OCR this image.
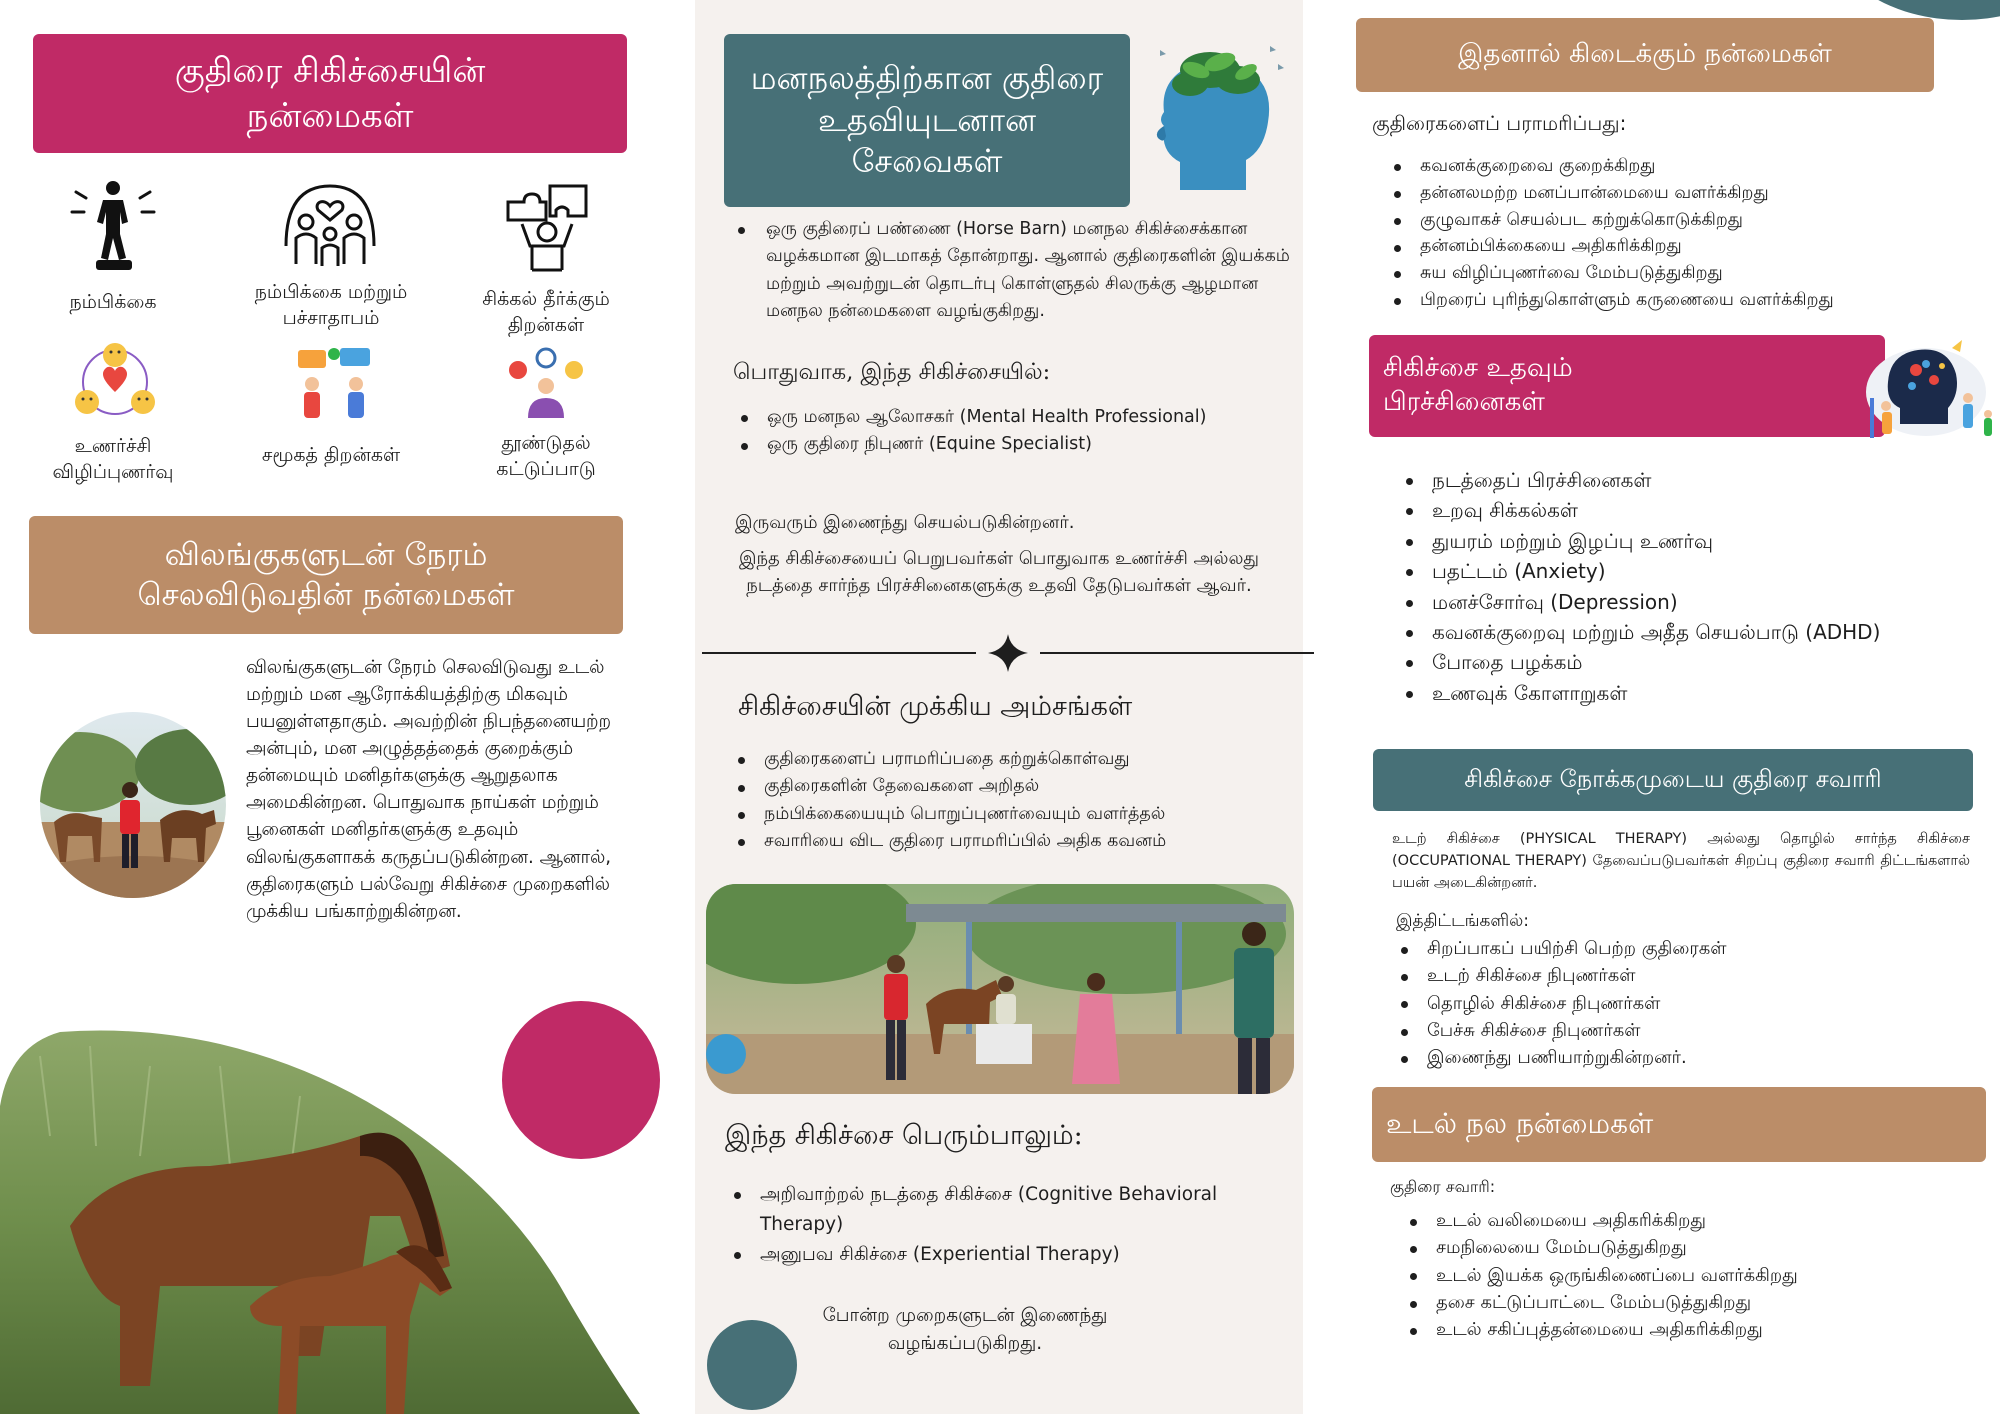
குதிரை சிகிச்சையின் நன்மைகள்
நம்பிக்கை	நம்பிக்கை மற்றும் பச்சாதாபம்
சிக்கல் தீர்க்கும் திறன்கள்
உணர்ச்சி விழிப்புணர்வு
சமூகத் திறன்கள்
தூண்டுதல் கட்டுப்பாடு
விலங்குகளுடன் நேரம் செலவிடுவதின் நன்மைகள்
விலங்குகளுடன் நேரம் செலவிடுவது உடல் மற்றும் மன ஆரோக்கியத்திற்கு மிகவும் பயனுள்ளதாகும். அவற்றின் நிபந்தனையற்ற அன்பும், மன அழுத்தத்தைக் குறைக்கும் தன்மையும் மனிதர்களுக்கு ஆறுதலாக அமைகின்றன. பொதுவாக நாய்கள் மற்றும் பூனைகள் மனிதர்களுக்கு உதவும் விலங்குகளாகக் கருதப்படுகின்றன. ஆனால், குதிரைகளும் பல்வேறு சிகிச்சை முறைகளில் முக்கிய பங்காற்றுகின்றன.
மனநலத்திற்கான குதிரை உதவியுடனான சேவைகள்
ஒரு குதிரைப் பண்ணை (Horse Barn) மனநல சிகிச்சைக்கான வழக்கமான இடமாகத் தோன்றாது. ஆனால் குதிரைகளின் இயக்கம் மற்றும் அவற்றுடன் தொடர்பு கொள்ளுதல் சிலருக்கு ஆழமான மனநல நன்மைகளை வழங்குகிறது.
பொதுவாக, இந்த சிகிச்சையில்:
ஒரு மனநல ஆலோசகர் (Mental Health Professional)
ஒரு குதிரை நிபுணர் (Equine Specialist)
இருவரும் இணைந்து செயல்படுகின்றனர்.
இந்த சிகிச்சையைப் பெறுபவர்கள் பொதுவாக உணர்ச்சி அல்லது நடத்தை சார்ந்த பிரச்சினைகளுக்கு உதவி தேடுபவர்கள் ஆவர்.
சிகிச்சையின் முக்கிய அம்சங்கள்
குதிரைகளைப் பராமரிப்பதை கற்றுக்கொள்வது
குதிரைகளின் தேவைகளை அறிதல்
நம்பிக்கையையும் பொறுப்புணர்வையும் வளர்த்தல்
சவாரியை விட குதிரை பராமரிப்பில் அதிக கவனம்
இந்த சிகிச்சை பெரும்பாலும்:
அறிவாற்றல் நடத்தை சிகிச்சை (Cognitive Behavioral Therapy)
அனுபவ சிகிச்சை (Experiential Therapy)
போன்ற முறைகளுடன் இணைந்து வழங்கப்படுகிறது.
இதனால் கிடைக்கும் நன்மைகள்
குதிரைகளைப் பராமரிப்பது:
கவனக்குறைவை குறைக்கிறது
தன்னலமற்ற மனப்பான்மையை வளர்க்கிறது
குழுவாகச் செயல்பட கற்றுக்கொடுக்கிறது
தன்னம்பிக்கையை அதிகரிக்கிறது
சுய விழிப்புணர்வை மேம்படுத்துகிறது
பிறரைப் புரிந்துகொள்ளும் கருணையை வளர்க்கிறது
சிகிச்சை உதவும் பிரச்சினைகள்
நடத்தைப் பிரச்சினைகள்
உறவு சிக்கல்கள்
துயரம் மற்றும் இழப்பு உணர்வு
பதட்டம் (Anxiety)
மனச்சோர்வு (Depression)
கவனக்குறைவு மற்றும் அதீத செயல்பாடு (ADHD)
போதை பழக்கம்
உணவுக் கோளாறுகள்
சிகிச்சை நோக்கமுடைய குதிரை சவாரி
உடற் சிகிச்சை (PHYSICAL THERAPY) அல்லது தொழில் சார்ந்த சிகிச்சை (OCCUPATIONAL THERAPY) தேவைப்படுபவர்கள் சிறப்பு குதிரை சவாரி திட்டங்களால் பயன் அடைகின்றனர்.
இத்திட்டங்களில்:
சிறப்பாகப் பயிற்சி பெற்ற குதிரைகள்
உடற் சிகிச்சை நிபுணர்கள்
தொழில் சிகிச்சை நிபுணர்கள்
பேச்சு சிகிச்சை நிபுணர்கள்
இணைந்து பணியாற்றுகின்றனர்.
உடல் நல நன்மைகள்
குதிரை சவாரி:
உடல் வலிமையை அதிகரிக்கிறது
சமநிலையை மேம்படுத்துகிறது
உடல் இயக்க ஒருங்கிணைப்பை வளர்க்கிறது
தசை கட்டுப்பாட்டை மேம்படுத்துகிறது
உடல் சகிப்புத்தன்மையை அதிகரிக்கிறது
